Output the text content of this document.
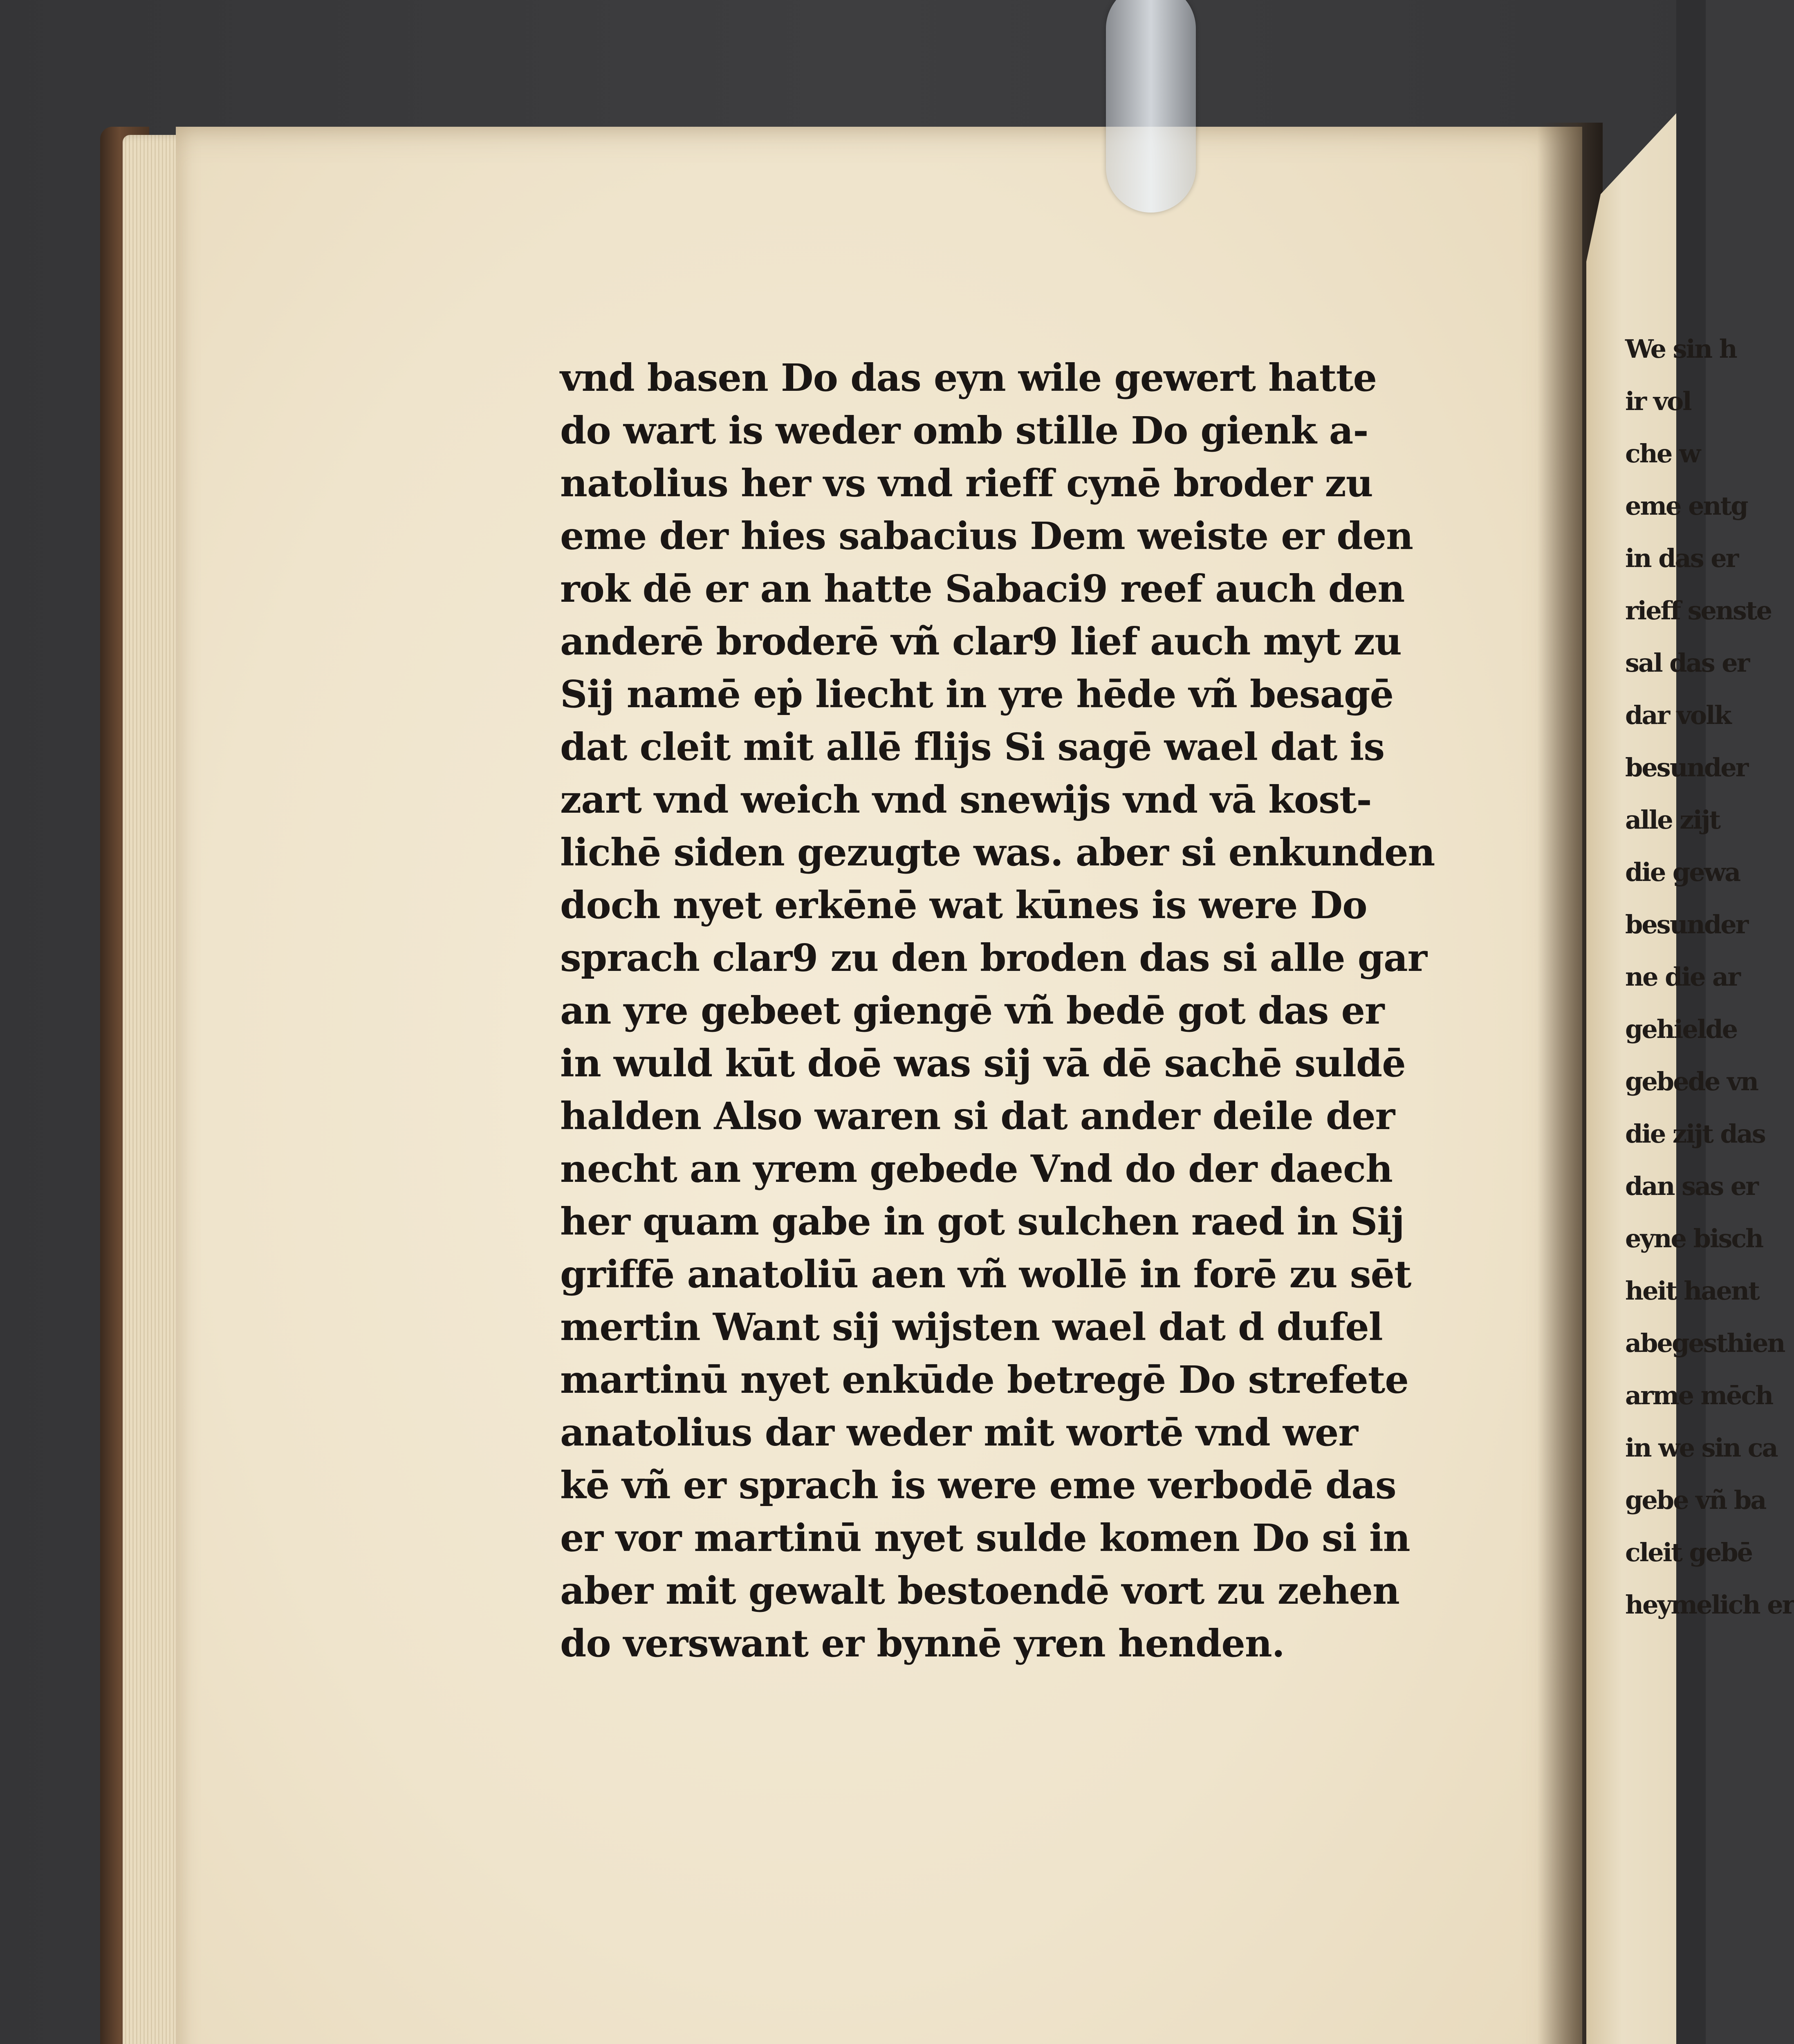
vnd basen Do das eyn wile gewert hatte
do wart is weder omb stille Do gienk a-
natolius her vs vnd rieff cynē broder zu
eme der hies sabacius Dem weiste er den
rok dē er an hatte Sabaci9 reef auch den
anderē broderē vñ clar9 lief auch myt zu
Sij namē eṗ liecht in yre hēde vñ besagē
dat cleit mit allē flijs Si sagē wael dat is
zart vnd weich vnd snewijs vnd vā kost-
lichē siden gezugte was. aber si enkunden
doch nyet erkēnē wat kūnes is were Do
sprach clar9 zu den broden das si alle gar
an yre gebeet giengē vñ bedē got das er
in wuld kūt doē was sij vā dē sachē suldē
halden Also waren si dat ander deile der
necht an yrem gebede Vnd do der daech
her quam gabe in got sulchen raed in Sij
griffē anatoliū aen vñ wollē in forē zu sēt
mertin Want sij wijsten wael dat d dufel
martinū nyet enkūde betregē Do strefete
anatolius dar weder mit wortē vnd wer
kē vñ er sprach is were eme verbodē das
er vor martinū nyet sulde komen Do si in
aber mit gewalt bestoendē vort zu zehen
do verswant er bynnē yren henden.
We sin h
ir vol
che w
eme entg
in das er
rieff senste
sal das er
dar volk
besunder
alle zijt
die gewa
besunder
ne die ar
gehielde
gebede vn
die zijt das
dan sas er
eyne bisch
heit haent
abegesthien
arme mēch
in we sin ca
gebe vñ ba
cleit gebē
heymelich er
